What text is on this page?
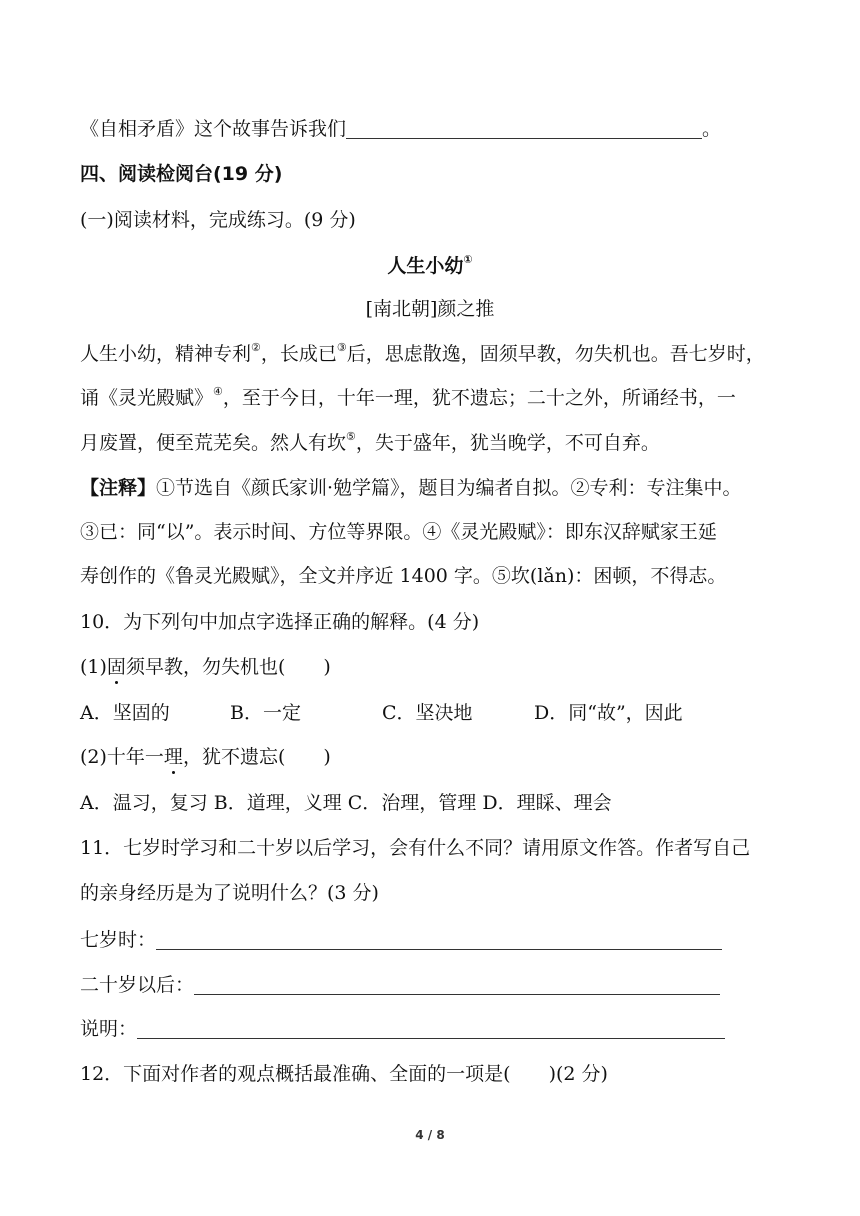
《自相矛盾》这个故事告诉我们	。
四、阅读检阅台(19 分)
(一)阅读材料，完成练习。(9 分)
人生小幼①
[南北朝]颜之推
人生小幼，精神专利②，长成已③后，思虑散逸，固须早教，勿失机也。吾七岁时，
诵《灵光殿赋》④，至于今日，十年一理，犹不遗忘；二十之外，所诵经书，一
月废置，便至荒芜矣。然人有坎⑤，失于盛年，犹当晚学，不可自弃。
【注释】①节选自《颜氏家训·勉学篇》，题目为编者自拟。②专利：专注集中。
③已：同“以”。表示时间、方位等界限。④《灵光殿赋》：即东汉辞赋家王延
寿创作的《鲁灵光殿赋》，全文并序近 1400 字。⑤坎(lǎn)：困顿，不得志。
10．为下列句中加点字选择正确的解释。(4 分)
(1)固须早教，勿失机也(　　)
A．坚固的	B．一定	C．坚决地	D．同“故”，因此
(2)十年一理，犹不遗忘(　　)
A．温习，复习 B．道理，义理 C．治理，管理 D．理睬、理会
11．七岁时学习和二十岁以后学习，会有什么不同？请用原文作答。作者写自己
的亲身经历是为了说明什么？(3 分)
七岁时：
二十岁以后：
说明：
12．下面对作者的观点概括最准确、全面的一项是(　　)(2 分)
4 / 8
